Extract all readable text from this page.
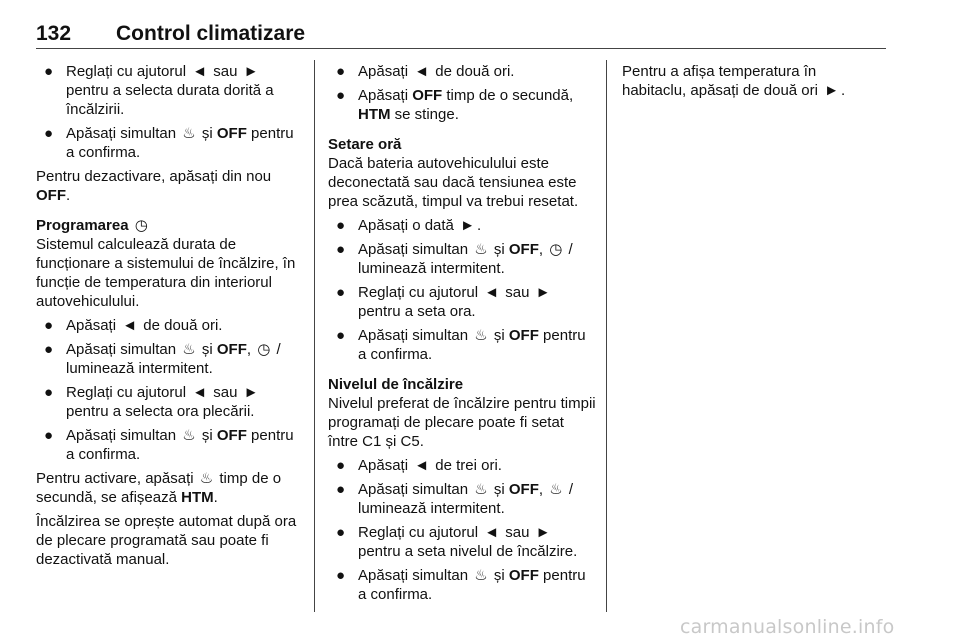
132 Control climatizare
● Reglați cu ajutorul ◄ sau ► pentru a selecta durata dorită a încălzirii.
● Apăsați simultan ♨ și OFF pentru a confirma.
Pentru dezactivare, apăsați din nou OFF.
Programarea ◷
Sistemul calculează durata de funcționare a sistemului de încălzire, în funcție de temperatura din interiorul autovehiculului.
● Apăsați ◄ de două ori.
● Apăsați simultan ♨ și OFF, ◷ / luminează intermitent.
● Reglați cu ajutorul ◄ sau ► pentru a selecta ora plecării.
● Apăsați simultan ♨ și OFF pentru a confirma.
Pentru activare, apăsați ♨ timp de o secundă, se afișează HTM.
Încălzirea se oprește automat după ora de plecare programată sau poate fi dezactivată manual.
● Apăsați ◄ de două ori.
● Apăsați OFF timp de o secundă, HTM se stinge.
Setare oră
Dacă bateria autovehiculului este deconectată sau dacă tensiunea este prea scăzută, timpul va trebui resetat.
● Apăsați o dată ► .
● Apăsați simultan ♨ și OFF, ◷ / luminează intermitent.
● Reglați cu ajutorul ◄ sau ► pentru a seta ora.
● Apăsați simultan ♨ și OFF pentru a confirma.
Nivelul de încălzire
Nivelul preferat de încălzire pentru timpii programați de plecare poate fi setat între C1 și C5.
● Apăsați ◄ de trei ori.
● Apăsați simultan ♨ și OFF, ♨ / luminează intermitent.
● Reglați cu ajutorul ◄ sau ► pentru a seta nivelul de încălzire.
● Apăsați simultan ♨ și OFF pentru a confirma.
Pentru a afișa temperatura în habitaclu, apăsați de două ori ► .
carmanualsonline.info
